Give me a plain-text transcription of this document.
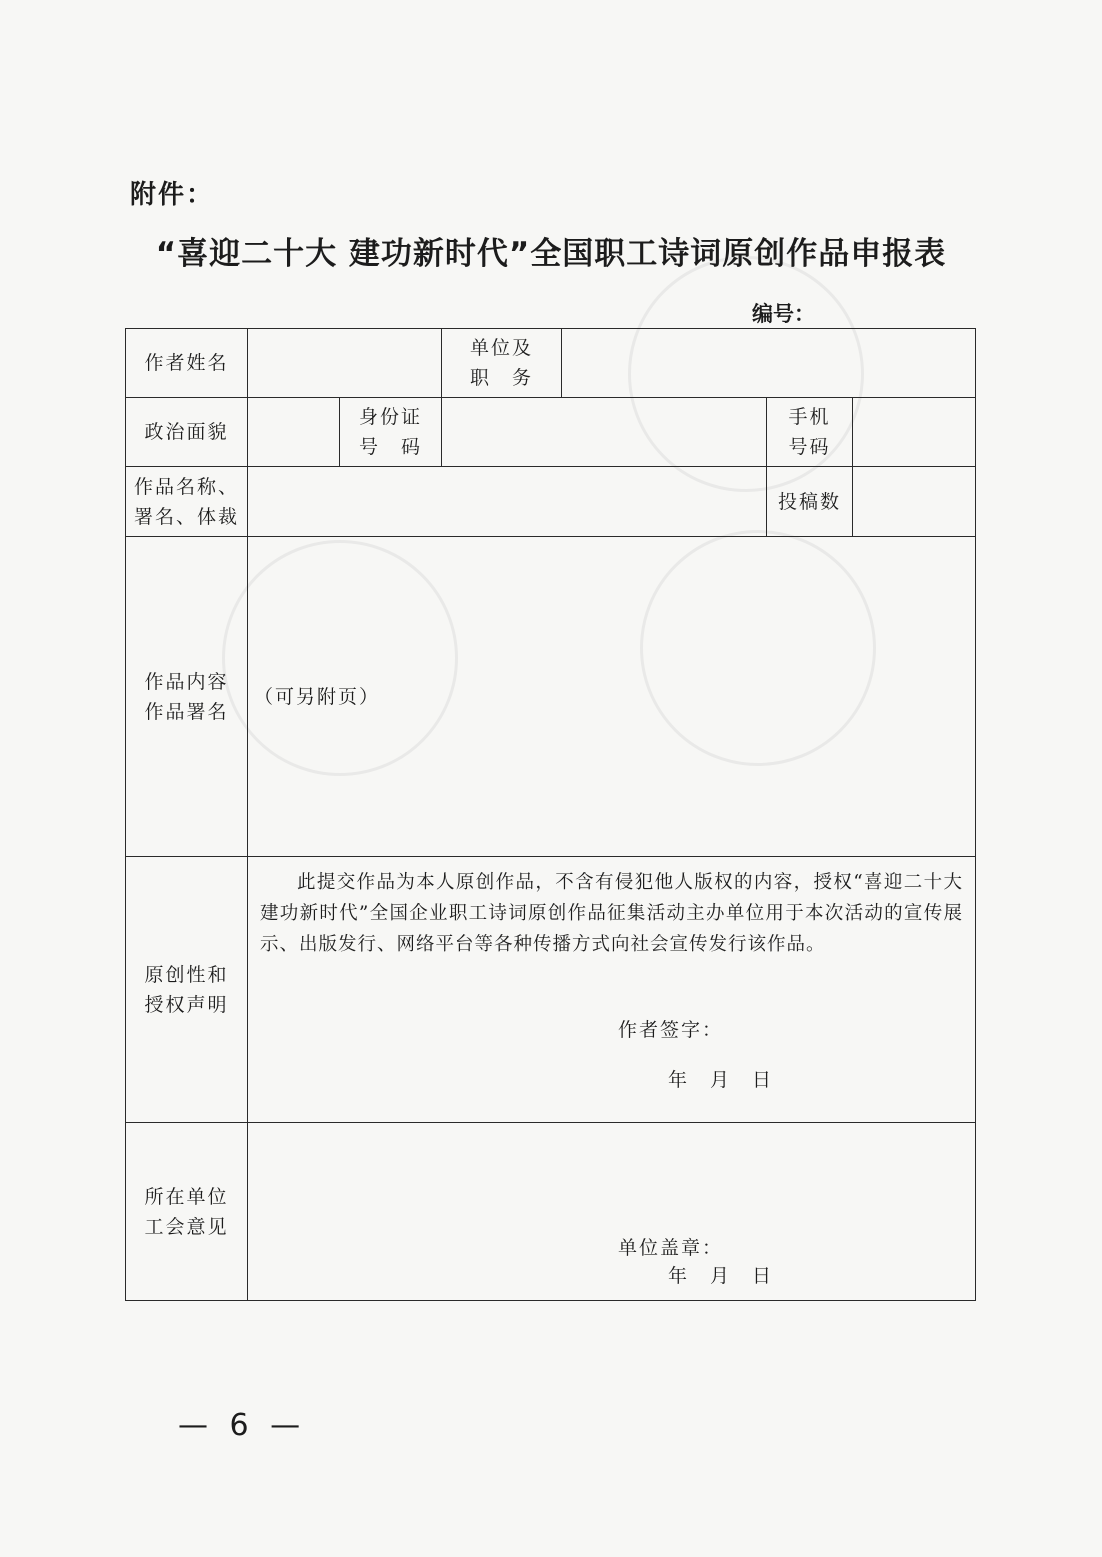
附件：
“喜迎二十大 建功新时代”全国职工诗词原创作品申报表
编号：
作者姓名			单位及
职　务			

政治面貌		身份证
号　码			手机
号码	

作品名称、
署名、体裁					投稿数	

作品内容
作品署名	（可另附页）					

原创性和
授权声明	此提交作品为本人原创作品，不含有侵犯他人版权的内容，授权“喜迎二十大 建功新时代”全国企业职工诗词原创作品征集活动主办单位用于本次活动的宣传展示、出版发行、网络平台等各种传播方式向社会宣传发行该作品。
作者签字：
年　月　日					

所在单位
工会意见	单位盖章：
年　月　日					
— 6 —
